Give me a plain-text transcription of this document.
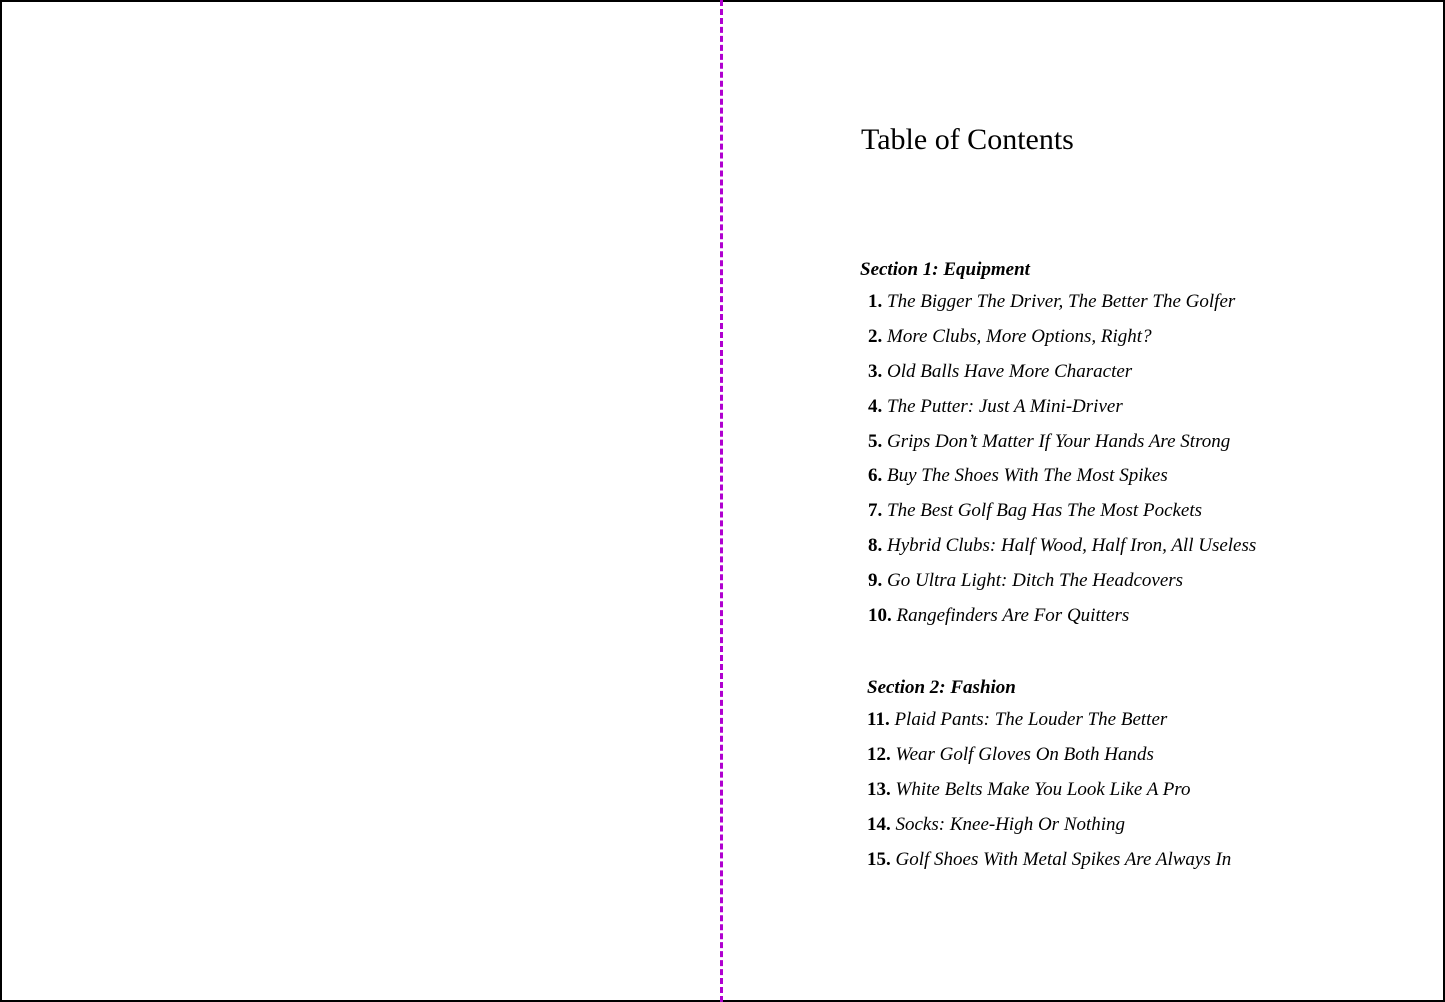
Table of Contents
Section 1: Equipment
1. The Bigger The Driver, The Better The Golfer
2. More Clubs, More Options, Right?
3. Old Balls Have More Character
4. The Putter: Just A Mini-Driver
5. Grips Don’t Matter If Your Hands Are Strong
6. Buy The Shoes With The Most Spikes
7. The Best Golf Bag Has The Most Pockets
8. Hybrid Clubs: Half Wood, Half Iron, All Useless
9. Go Ultra Light: Ditch The Headcovers
10. Rangefinders Are For Quitters
Section 2: Fashion
11. Plaid Pants: The Louder The Better
12. Wear Golf Gloves On Both Hands
13. White Belts Make You Look Like A Pro
14. Socks: Knee-High Or Nothing
15. Golf Shoes With Metal Spikes Are Always In
